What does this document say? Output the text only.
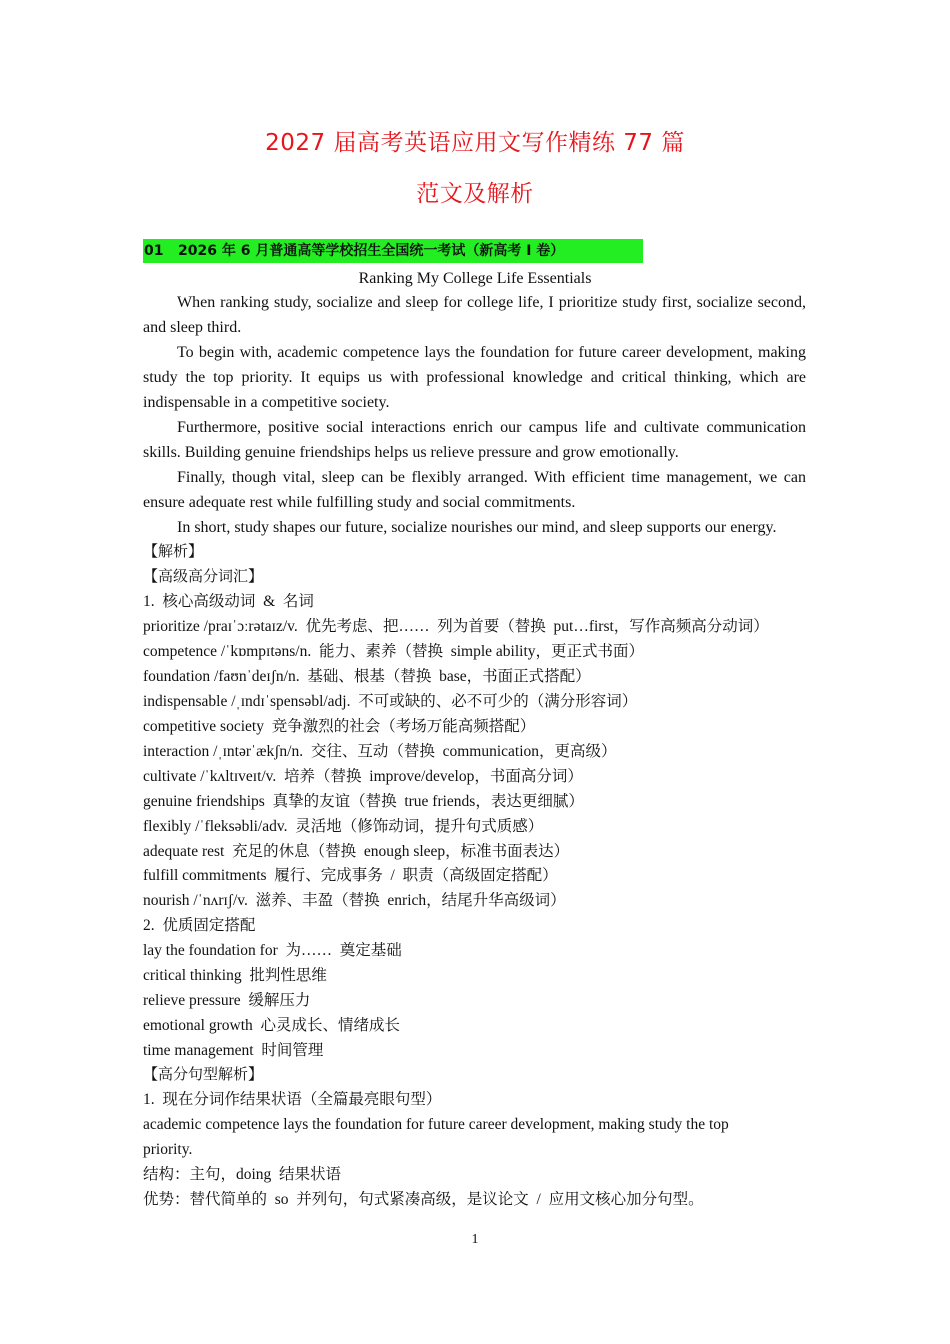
2027 届高考英语应用文写作精练 77 篇
范文及解析
01 2026 年 6 月普通高等学校招生全国统一考试（新高考 I 卷）
Ranking My College Life Essentials

When ranking study, socialize and sleep for college life, I prioritize study first, socialize second, and sleep third.

To begin with, academic competence lays the foundation for future career development, making study the top priority. It equips us with professional knowledge and critical thinking, which are indispensable in a competitive society.

Furthermore, positive social interactions enrich our campus life and cultivate communication skills. Building genuine friendships helps us relieve pressure and grow emotionally.

Finally, though vital, sleep can be flexibly arranged. With efficient time management, we can ensure adequate rest while fulfilling study and social commitments.

In short, study shapes our future, socialize nourishes our mind, and sleep supports our energy.

【解析】
【高级高分词汇】
1.  核心高级动词  &  名词
prioritize /praɪˈɔːrətaɪz/v.  优先考虑、把……  列为首要（替换  put…first，写作高频高分动词）
competence /ˈkɒmpɪtəns/n.  能力、素养（替换  simple ability，更正式书面）
foundation /faʊnˈdeɪʃn/n.  基础、根基（替换  base，书面正式搭配）
indispensable /ˌɪndɪˈspensəbl/adj.  不可或缺的、必不可少的（满分形容词）
competitive society  竞争激烈的社会（考场万能高频搭配）
interaction /ˌɪntərˈækʃn/n.  交往、互动（替换  communication，更高级）
cultivate /ˈkʌltɪveɪt/v.  培养（替换  improve/develop，书面高分词）
genuine friendships  真挚的友谊（替换  true friends，表达更细腻）
flexibly /ˈfleksəbli/adv.  灵活地（修饰动词，提升句式质感）
adequate rest  充足的休息（替换  enough sleep，标准书面表达）
fulfill commitments  履行、完成事务  /  职责（高级固定搭配）
nourish /ˈnʌrɪʃ/v.  滋养、丰盈（替换  enrich，结尾升华高级词）
2.  优质固定搭配
lay the foundation for  为……  奠定基础
critical thinking  批判性思维
relieve pressure  缓解压力
emotional growth  心灵成长、情绪成长
time management  时间管理
【高分句型解析】
1.  现在分词作结果状语（全篇最亮眼句型）
academic competence lays the foundation for future career development, making study the top
priority.
结构：主句，doing  结果状语
优势：替代简单的  so  并列句，句式紧凑高级，是议论文  /  应用文核心加分句型。
1
